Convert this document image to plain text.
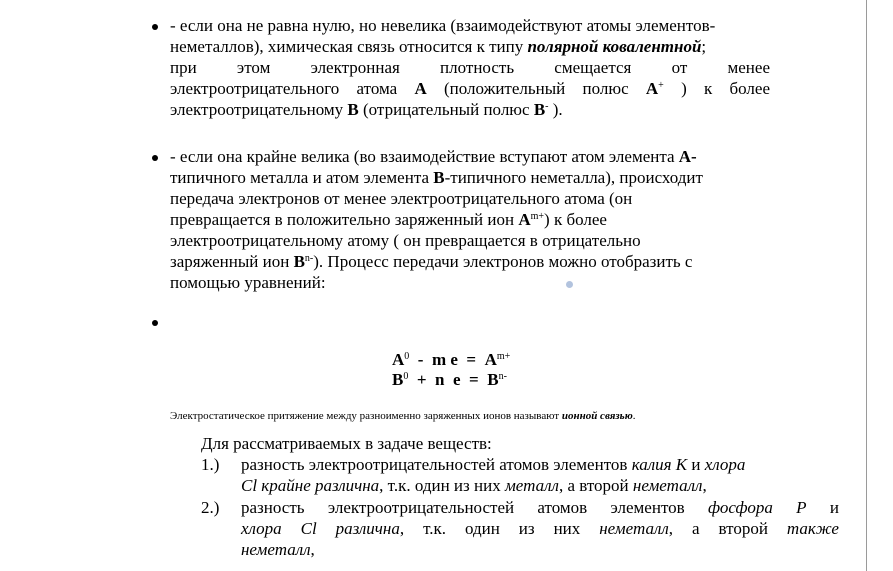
- если она не равна нулю, но невелика (взаимодействуют атомы элементов-
неметаллов), химическая связь относится к типу полярной ковалентной;
при этом электронная плотность смещается от менее
электроотрицательного атома А (положительный полюс А+ ) к более
электроотрицательному В (отрицательный полюс В- ).
- если она крайне велика (во взаимодействие вступают атом элемента А-
типичного металла и атом элемента В-типичного неметалла), происходит
передача электронов от менее электроотрицательного атома (он
превращается в положительно заряженный ион $А^{m+}$) к более
электроотрицательному атому ( он превращается в отрицательно
заряженный ион $В^{n-}$). Процесс передачи электронов можно отобразить с
помощью уравнений:
$А^0$  -  m $e = А^{m+}$
$В^0 + n$  $e = В^{n-}$
Электростатическое притяжение между разноименно заряженных ионов называют ионной связью.
Для рассматриваемых в задаче веществ:
1.) разность электроотрицательностей атомов элементов калия К и хлора
Cl крайне различна, т.к. один из них металл, а второй неметалл,
2.) разность электроотрицательностей атомов элементов фосфора Р и
хлора Cl различна, т.к. один из них неметалл, а второй также
неметалл,
